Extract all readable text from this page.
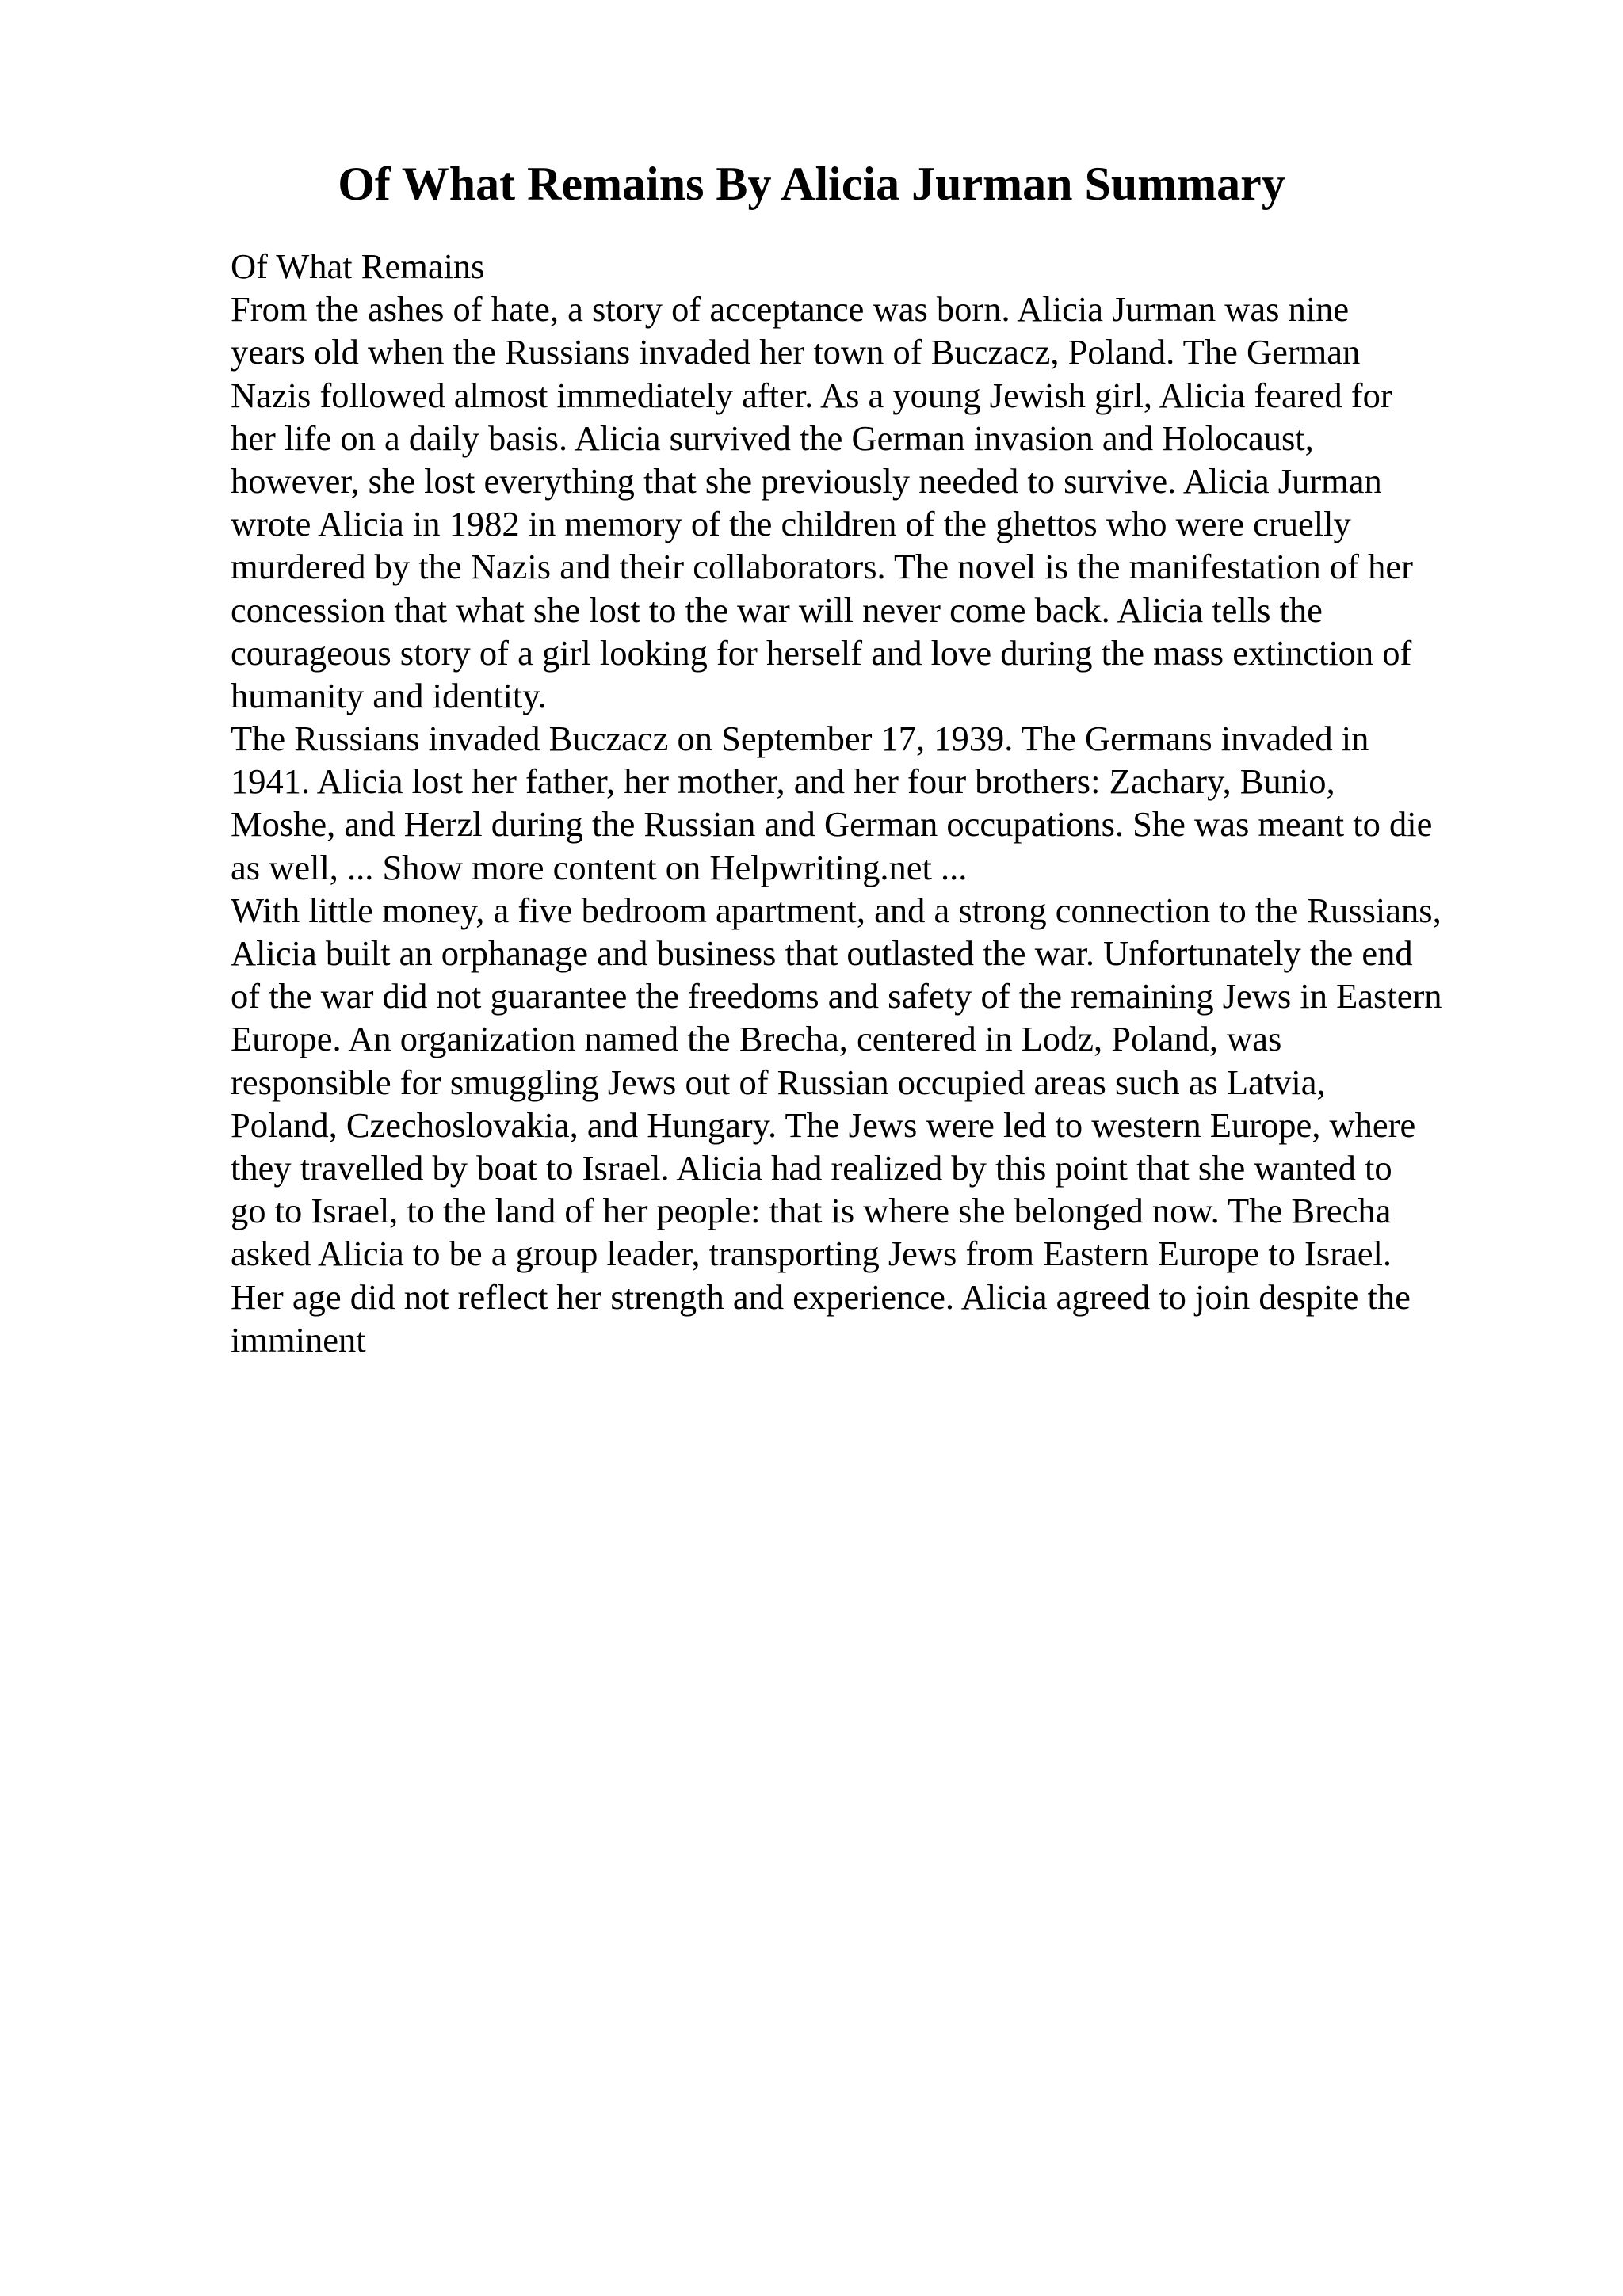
Of What Remains By Alicia Jurman Summary
Of What Remains
From the ashes of hate, a story of acceptance was born. Alicia Jurman was nine
years old when the Russians invaded her town of Buczacz, Poland. The German
Nazis followed almost immediately after. As a young Jewish girl, Alicia feared for
her life on a daily basis. Alicia survived the German invasion and Holocaust,
however, she lost everything that she previously needed to survive. Alicia Jurman
wrote Alicia in 1982 in memory of the children of the ghettos who were cruelly
murdered by the Nazis and their collaborators. The novel is the manifestation of her
concession that what she lost to the war will never come back. Alicia tells the
courageous story of a girl looking for herself and love during the mass extinction of
humanity and identity.
The Russians invaded Buczacz on September 17, 1939. The Germans invaded in
1941. Alicia lost her father, her mother, and her four brothers: Zachary, Bunio,
Moshe, and Herzl during the Russian and German occupations. She was meant to die
as well, ... Show more content on Helpwriting.net ...
With little money, a five bedroom apartment, and a strong connection to the Russians,
Alicia built an orphanage and business that outlasted the war. Unfortunately the end
of the war did not guarantee the freedoms and safety of the remaining Jews in Eastern
Europe. An organization named the Brecha, centered in Lodz, Poland, was
responsible for smuggling Jews out of Russian occupied areas such as Latvia,
Poland, Czechoslovakia, and Hungary. The Jews were led to western Europe, where
they travelled by boat to Israel. Alicia had realized by this point that she wanted to
go to Israel, to the land of her people: that is where she belonged now. The Brecha
asked Alicia to be a group leader, transporting Jews from Eastern Europe to Israel.
Her age did not reflect her strength and experience. Alicia agreed to join despite the
imminent
